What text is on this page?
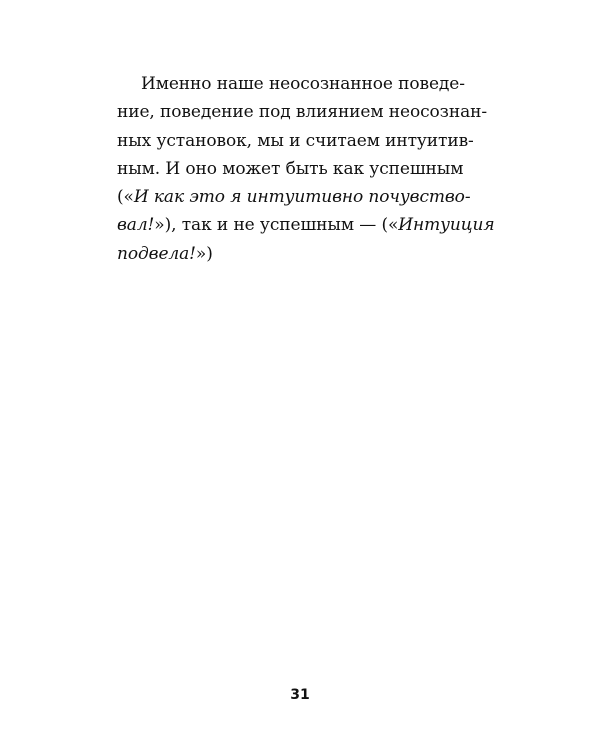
Именно наше неосознанное поведе-
ние, поведение под влиянием неосознан-
ных установок, мы и считаем интуитив-
ным. И оно может быть как успешным
(«И как это я интуитивно почувство-
вал!»), так и не успешным — («Интуиция
подвела!»)
31
